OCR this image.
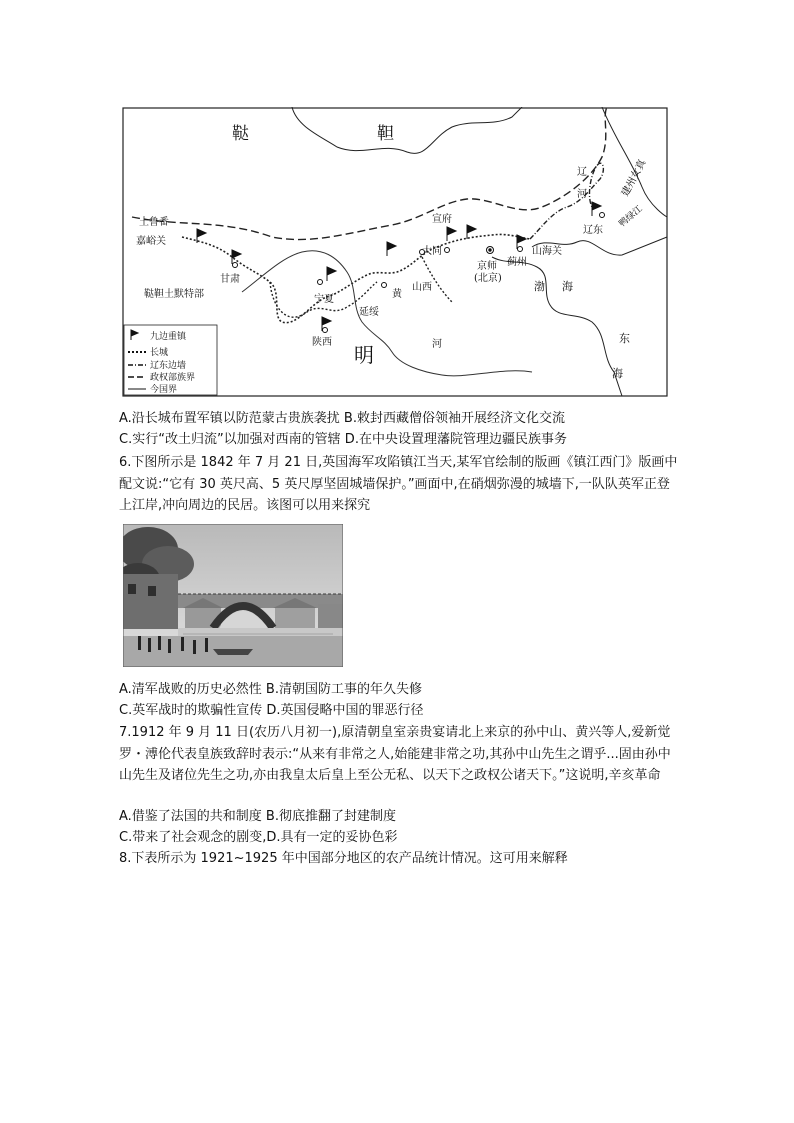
鞑	靼
土鲁番
嘉峪关
甘肃
鞑靼土默特部	宁夏	黄
延绥
山西
大同
宣府
京师
(北京)
蓟州
山海关
渤 海
辽东
辽
河	建州女真
鸭绿江
陕西
明	河	东
海
九边重镇
长城
辽东边墙
政权部族界
今国界

A.沿长城布置军镇以防范蒙古贵族袭扰 B.敕封西藏僧俗领袖开展经济文化交流

C.实行“改土归流”以加强对西南的管辖 D.在中央设置理藩院管理边疆民族事务

6.下图所示是 1842 年 7 月 21 日,英国海军攻陷镇江当天,某军官绘制的版画《镇江西门》版画中配文说:“它有 30 英尺高、5 英尺厚坚固城墙保护。”画面中,在硝烟弥漫的城墙下,一队队英军正登上江岸,冲向周边的民居。该图可以用来探究

A.清军战败的历史必然性 B.清朝国防工事的年久失修

C.英军战时的欺骗性宣传 D.英国侵略中国的罪恶行径

7.1912 年 9 月 11 日(农历八月初一),原清朝皇室亲贵宴请北上来京的孙中山、黄兴等人,爱新觉罗・溥伦代表皇族致辞时表示:“从来有非常之人,始能建非常之功,其孙中山先生之谓乎...固由孙中山先生及诸位先生之功,亦由我皇太后皇上至公无私、以天下之政权公诸天下。”这说明,辛亥革命

A.借鉴了法国的共和制度 B.彻底推翻了封建制度

C.带来了社会观念的剧变,D.具有一定的妥协色彩

8.下表所示为 1921~1925 年中国部分地区的农产品统计情况。这可用来解释
